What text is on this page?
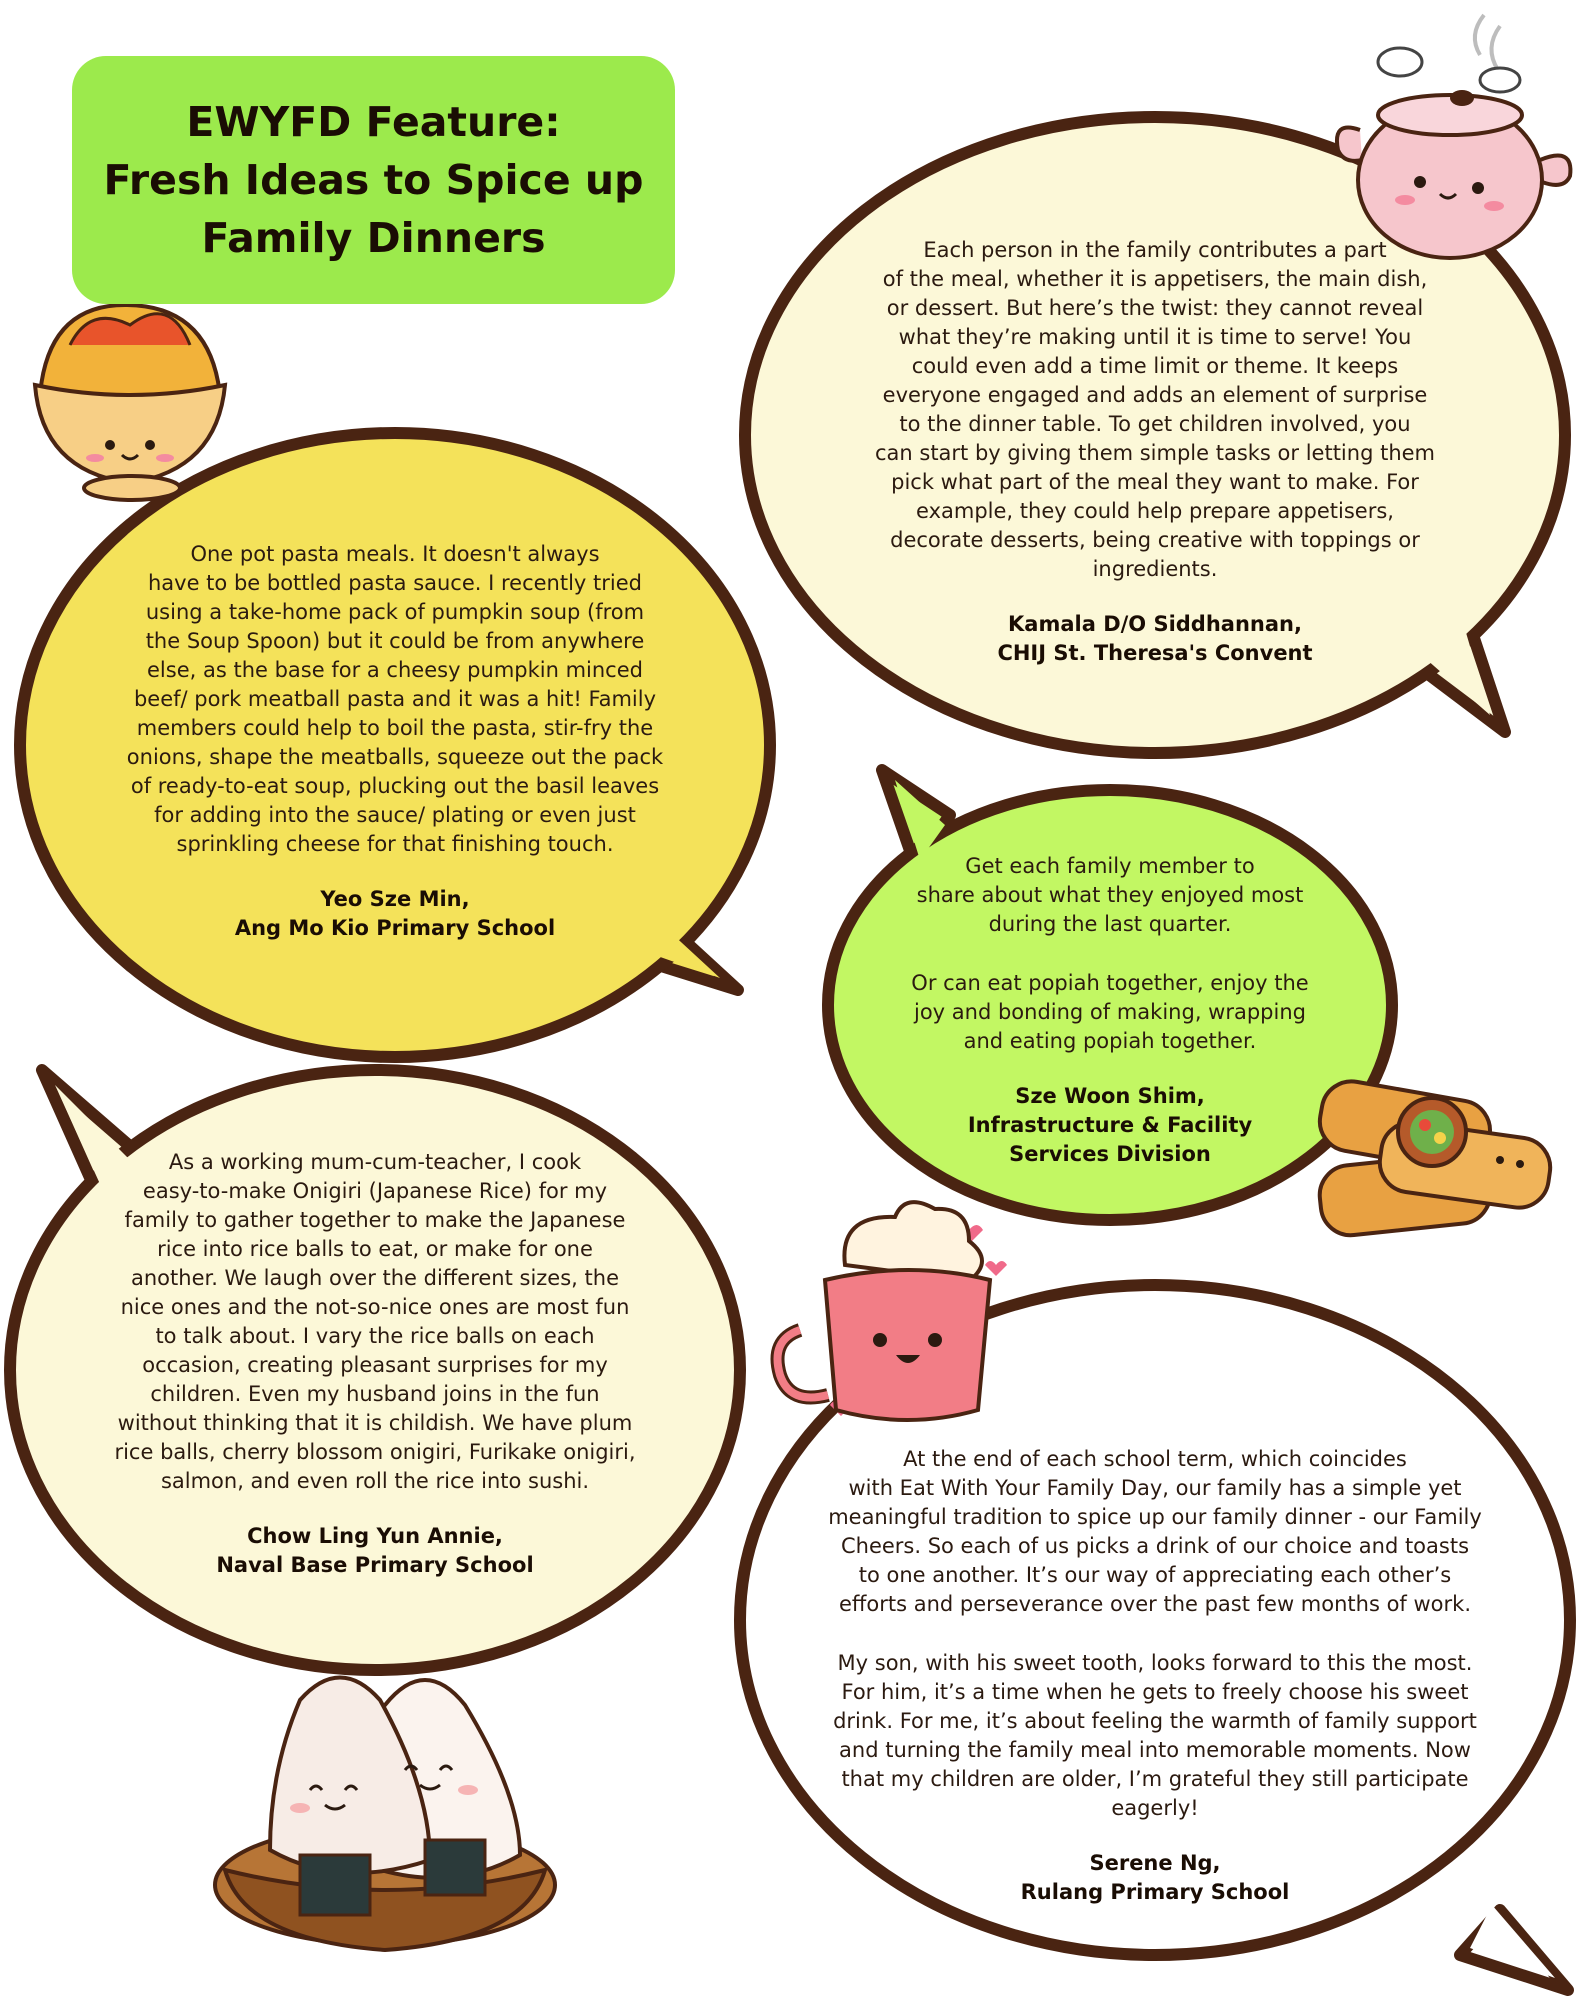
EWYFD Feature:
Fresh Ideas to Spice up
Family Dinners	Each person in the family contributes a part
of the meal, whether it is appetisers, the main dish,
or dessert. But here’s the twist: they cannot reveal
what they’re making until it is time to serve! You
could even add a time limit or theme. It keeps
everyone engaged and adds an element of surprise
to the dinner table. To get children involved, you
can start by giving them simple tasks or letting them
pick what part of the meal they want to make. For
example, they could help prepare appetisers,
decorate desserts, being creative with toppings or
ingredients.
Kamala D/O Siddhannan,
CHIJ St. Theresa's Convent
One pot pasta meals. It doesn't always
have to be bottled pasta sauce. I recently tried
using a take-home pack of pumpkin soup (from
the Soup Spoon) but it could be from anywhere
else, as the base for a cheesy pumpkin minced
beef/ pork meatball pasta and it was a hit! Family
members could help to boil the pasta, stir-fry the
onions, shape the meatballs, squeeze out the pack
of ready-to-eat soup, plucking out the basil leaves
for adding into the sauce/ plating or even just
sprinkling cheese for that finishing touch.
Yeo Sze Min,
Ang Mo Kio Primary School
Get each family member to
share about what they enjoyed most
during the last quarter.
Or can eat popiah together, enjoy the
joy and bonding of making, wrapping
and eating popiah together.
Sze Woon Shim,
Infrastructure & Facility
Services Division
As a working mum-cum-teacher, I cook
easy-to-make Onigiri (Japanese Rice) for my
family to gather together to make the Japanese
rice into rice balls to eat, or make for one
another. We laugh over the different sizes, the
nice ones and the not-so-nice ones are most fun
to talk about. I vary the rice balls on each
occasion, creating pleasant surprises for my
children. Even my husband joins in the fun
without thinking that it is childish. We have plum
rice balls, cherry blossom onigiri, Furikake onigiri,
salmon, and even roll the rice into sushi.
Chow Ling Yun Annie,
Naval Base Primary School
At the end of each school term, which coincides
with Eat With Your Family Day, our family has a simple yet
meaningful tradition to spice up our family dinner - our Family
Cheers. So each of us picks a drink of our choice and toasts
to one another. It’s our way of appreciating each other’s
efforts and perseverance over the past few months of work.
My son, with his sweet tooth, looks forward to this the most.
For him, it’s a time when he gets to freely choose his sweet
drink. For me, it’s about feeling the warmth of family support
and turning the family meal into memorable moments. Now
that my children are older, I’m grateful they still participate
eagerly!
Serene Ng,
Rulang Primary School
